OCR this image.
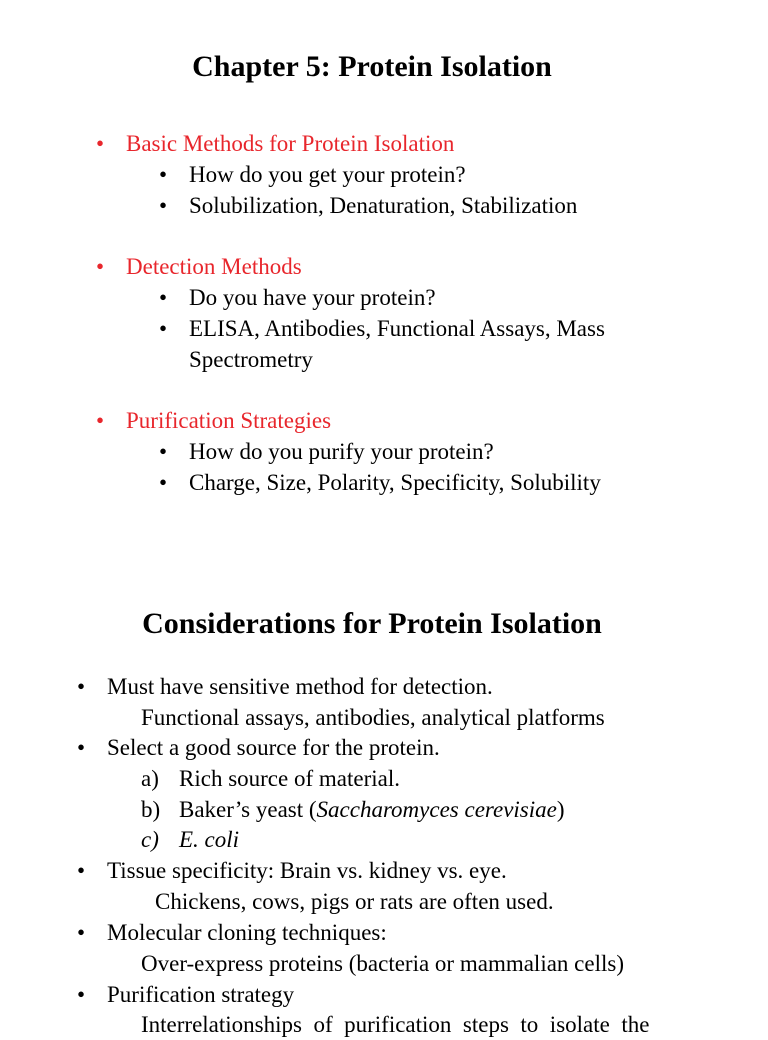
Chapter 5: Protein Isolation
• Basic Methods for Protein Isolation

• How do you get your protein?

• Solubilization, Denaturation, Stabilization

• Detection Methods

• Do you have your protein?

• ELISA, Antibodies, Functional Assays, Mass

Spectrometry

• Purification Strategies

• How do you purify your protein?

• Charge, Size, Polarity, Specificity, Solubility

Considerations for Protein Isolation
• Must have sensitive method for detection.

Functional assays, antibodies, analytical platforms

• Select a good source for the protein.

a) Rich source of material.

b) Baker’s yeast (Saccharomyces cerevisiae)

c) E. coli

• Tissue specificity: Brain vs. kidney vs. eye.

Chickens, cows, pigs or rats are often used.

• Molecular cloning techniques:

Over-express proteins (bacteria or mammalian cells)

• Purification strategy

Interrelationships  of  purification  steps  to  isolate  the
